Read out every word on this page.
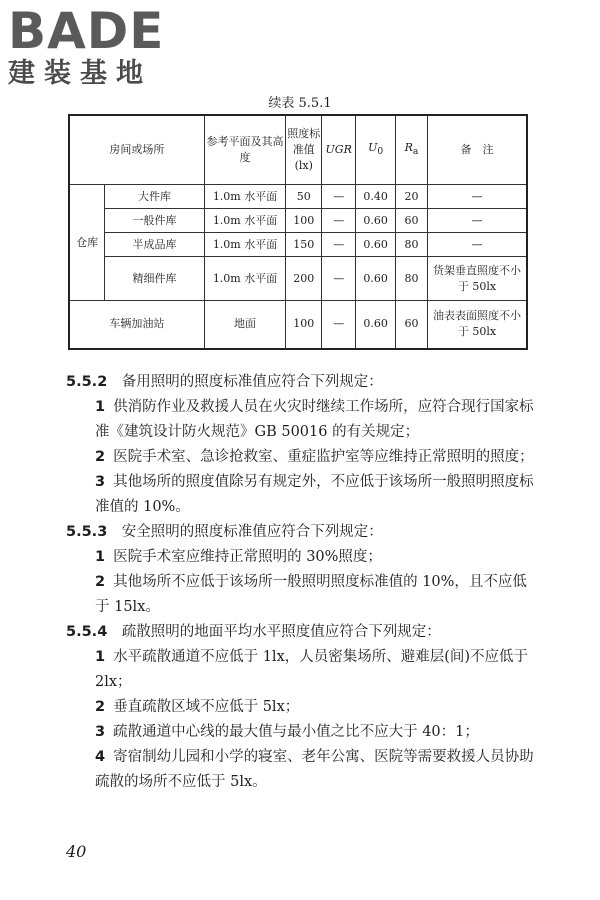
BADE
建装基地
续表 5.5.1
房间或场所		参考平面及其高度	照度标准值(lx)	UGR	$U_0$	$R_a$	备　注
仓库	大件库	1.0m 水平面	50	—	0.40	20	—
	一般件库	1.0m 水平面	100	—	0.60	60	—
	半成品库	1.0m 水平面	150	—	0.60	80	—
	精细件库	1.0m 水平面	200	—	0.60	80	货架垂直照度不小于 50lx
车辆加油站		地面	100	—	0.60	60	油表表面照度不小于 50lx

5.5.2　 备用照明的照度标准值应符合下列规定：

1 供消防作业及救援人员在火灾时继续工作场所，应符合现行国家标准《建筑设计防火规范》GB 50016 的有关规定；

2 医院手术室、急诊抢救室、重症监护室等应维持正常照明的照度；

3 其他场所的照度值除另有规定外，不应低于该场所一般照明照度标准值的 10%。

5.5.3　 安全照明的照度标准值应符合下列规定：

1 医院手术室应维持正常照明的 30%照度；

2 其他场所不应低于该场所一般照明照度标准值的 10%，且不应低于 15lx。

5.5.4　 疏散照明的地面平均水平照度值应符合下列规定：

1 水平疏散通道不应低于 1lx，人员密集场所、避难层(间)不应低于 2lx；

2 垂直疏散区域不应低于 5lx；

3 疏散通道中心线的最大值与最小值之比不应大于 40：1；

4 寄宿制幼儿园和小学的寝室、老年公寓、医院等需要救援人员协助疏散的场所不应低于 5lx。

40
